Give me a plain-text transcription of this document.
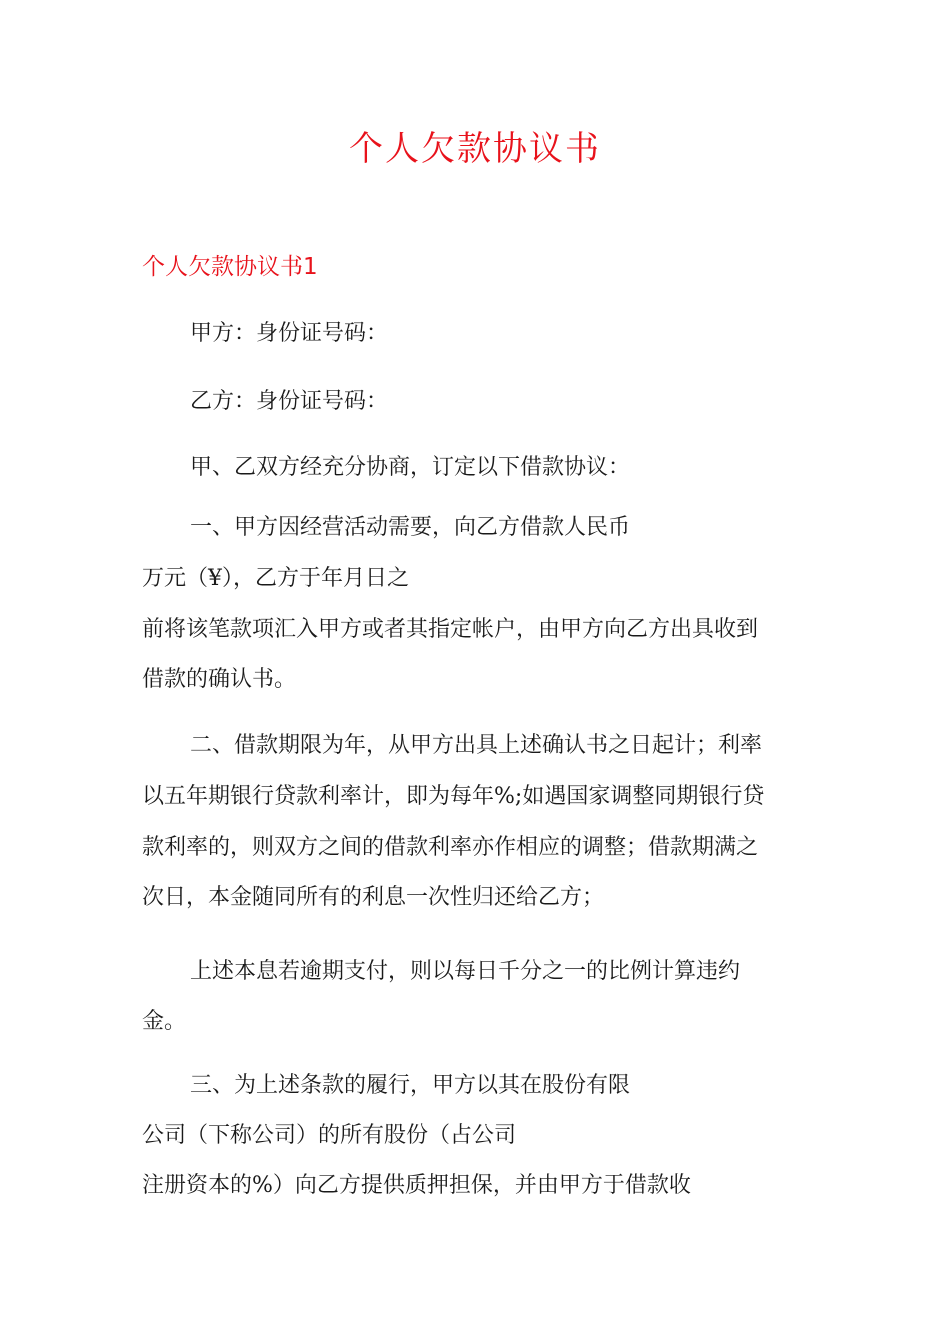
个人欠款协议书
个人欠款协议书1
甲方：身份证号码：
乙方：身份证号码：
甲、乙双方经充分协商，订定以下借款协议：
一、甲方因经营活动需要，向乙方借款人民币
万元（¥），乙方于年月日之
前将该笔款项汇入甲方或者其指定帐户，由甲方向乙方出具收到
借款的确认书。
二、借款期限为年，从甲方出具上述确认书之日起计；利率
以五年期银行贷款利率计，即为每年%;如遇国家调整同期银行贷
款利率的，则双方之间的借款利率亦作相应的调整；借款期满之
次日，本金随同所有的利息一次性归还给乙方；
上述本息若逾期支付，则以每日千分之一的比例计算违约
金。
三、为上述条款的履行，甲方以其在股份有限
公司（下称公司）的所有股份（占公司
注册资本的%）向乙方提供质押担保，并由甲方于借款收
